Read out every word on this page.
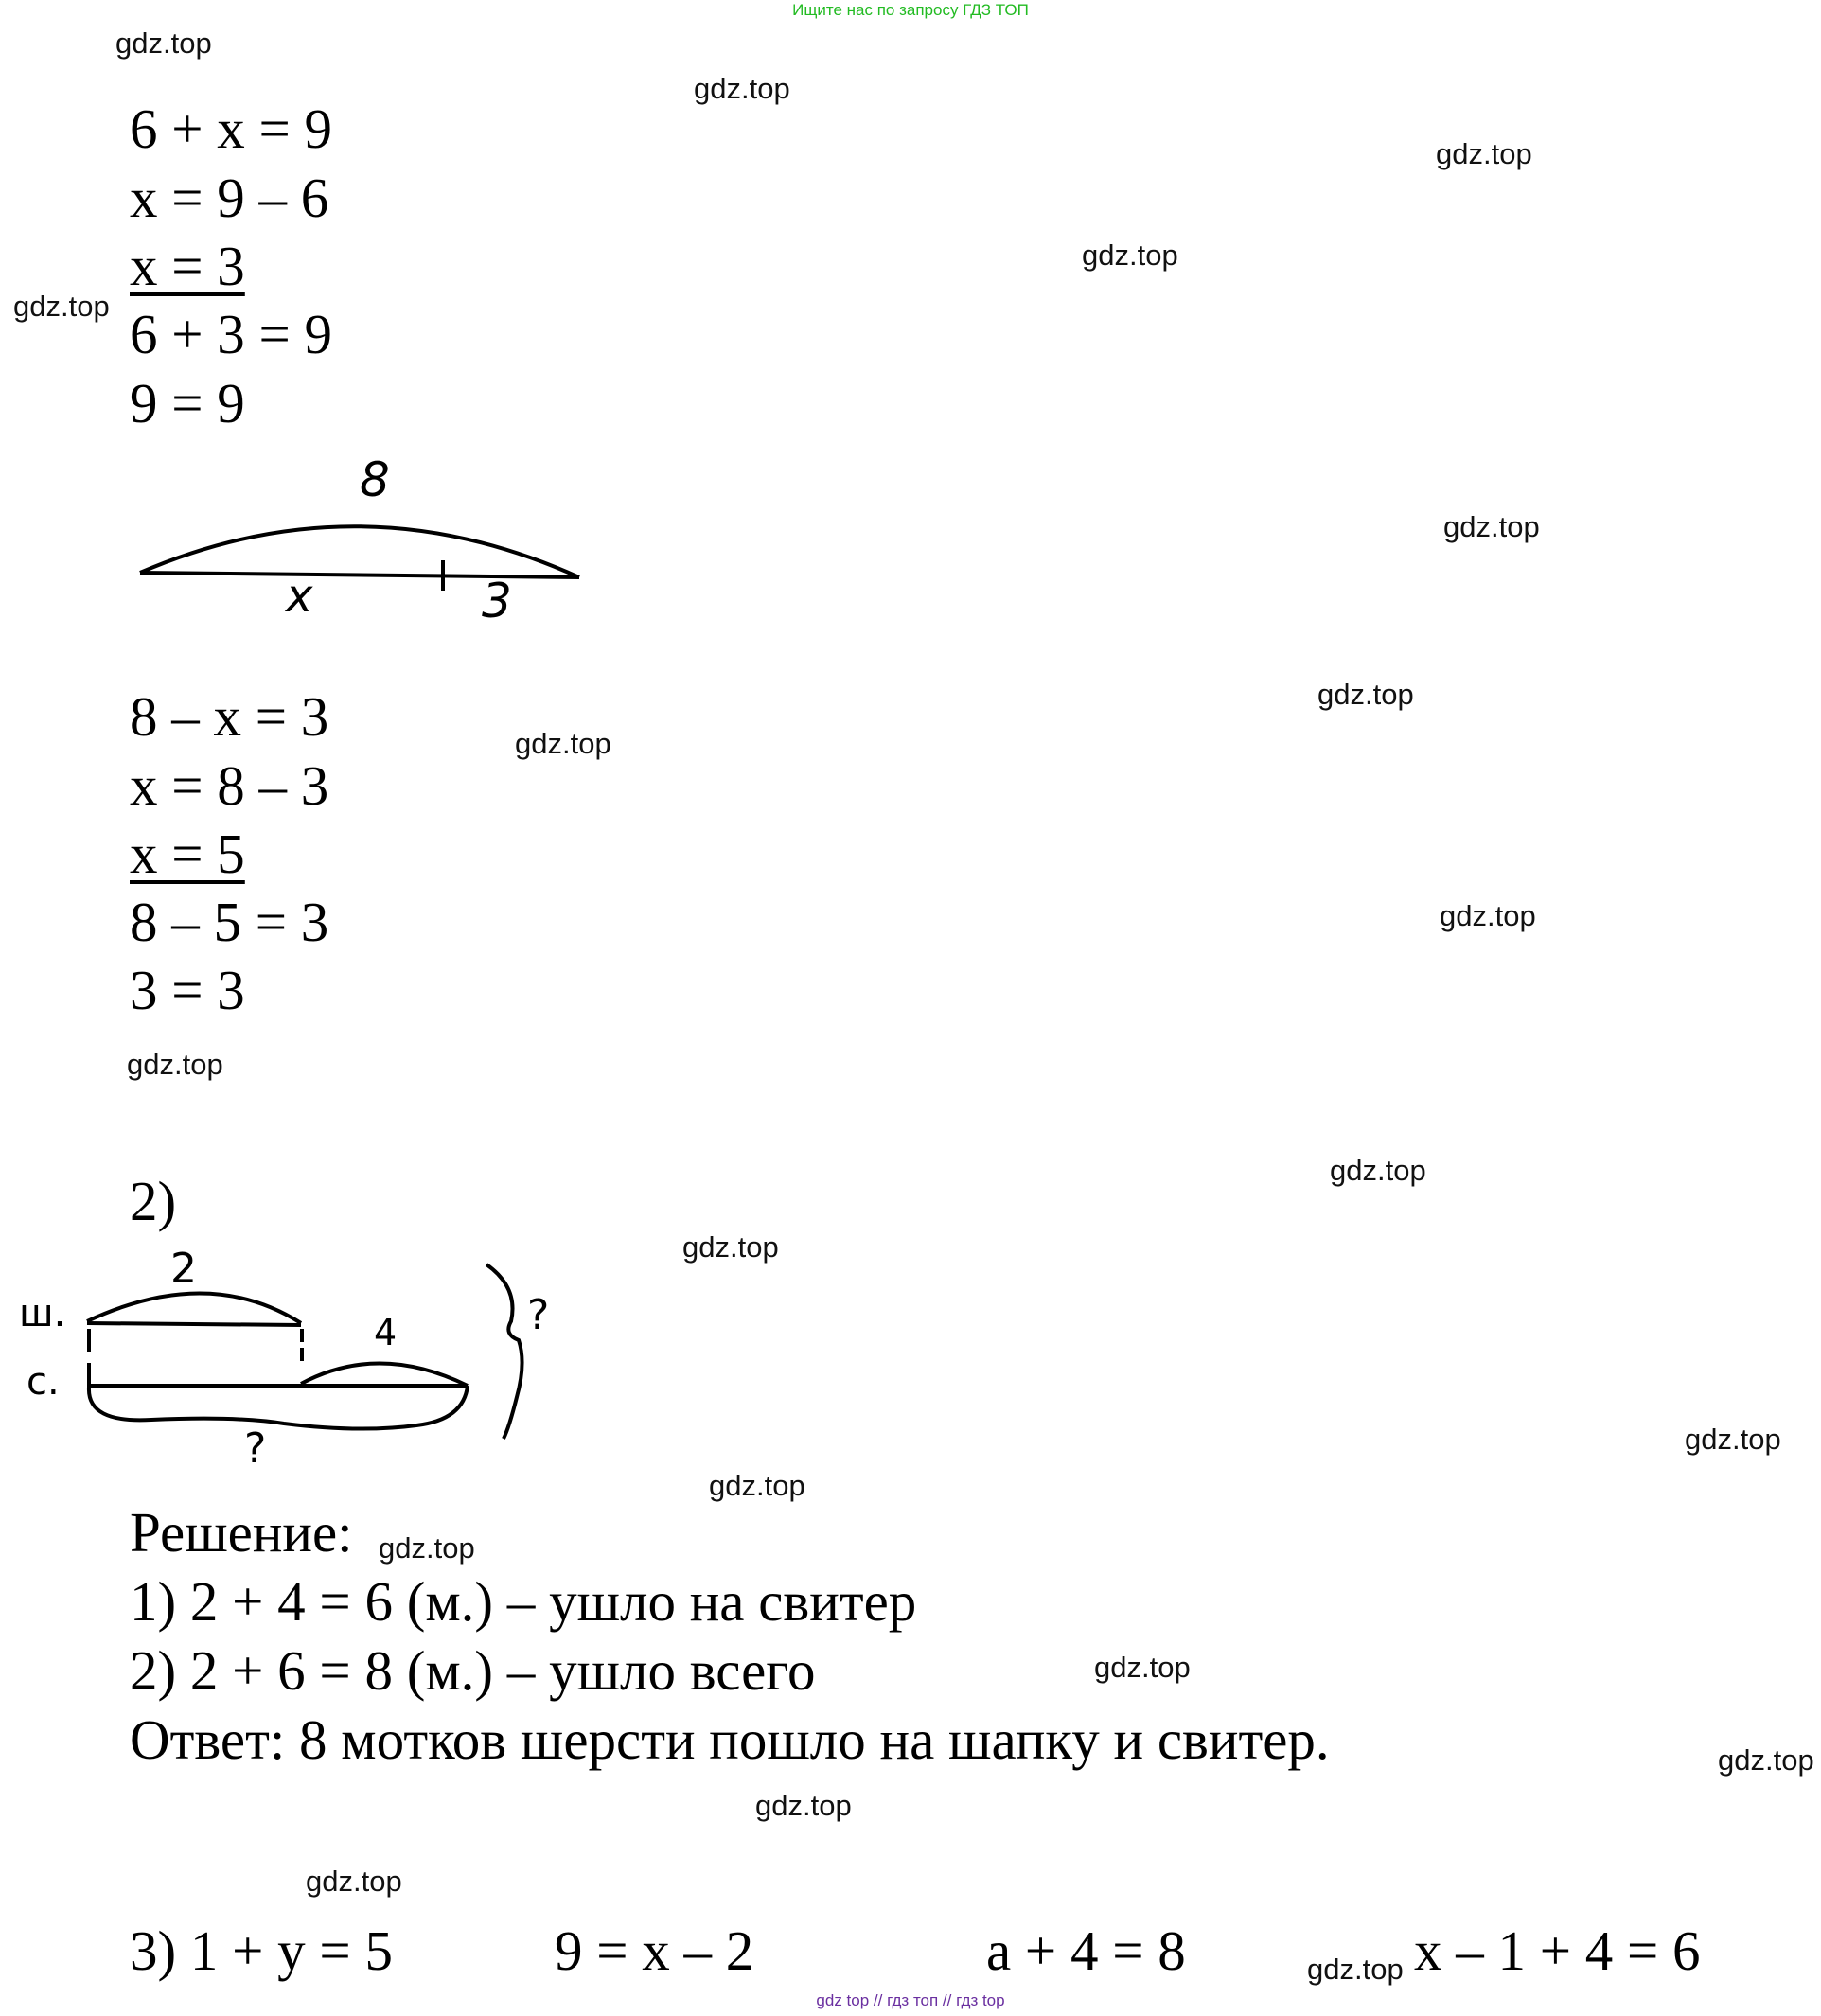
Ищите нас по запросу ГДЗ ТОП
gdz top // гдз топ // гдз top
gdz.top
gdz.top
gdz.top
gdz.top
gdz.top
gdz.top
gdz.top
gdz.top
gdz.top
gdz.top
gdz.top
gdz.top
gdz.top
gdz.top
gdz.top
gdz.top
gdz.top
gdz.top
gdz.top
gdz.top
6 + x = 9
x = 9 – 6
x = 3
6 + 3 = 9
9 = 9
8
x	3
8 – x = 3
x = 8 – 3
x = 5
8 – 5 = 3
3 = 3
2)
ш.
с.
2
4
?
?
Решение:
1) 2 + 4 = 6 (м.) – ушло на свитер
2) 2 + 6 = 8 (м.) – ушло всего
Ответ: 8 мотков шерсти пошло на шапку и свитер.
3) 1 + y = 5	9 = x – 2	a + 4 = 8	x – 1 + 4 = 6
